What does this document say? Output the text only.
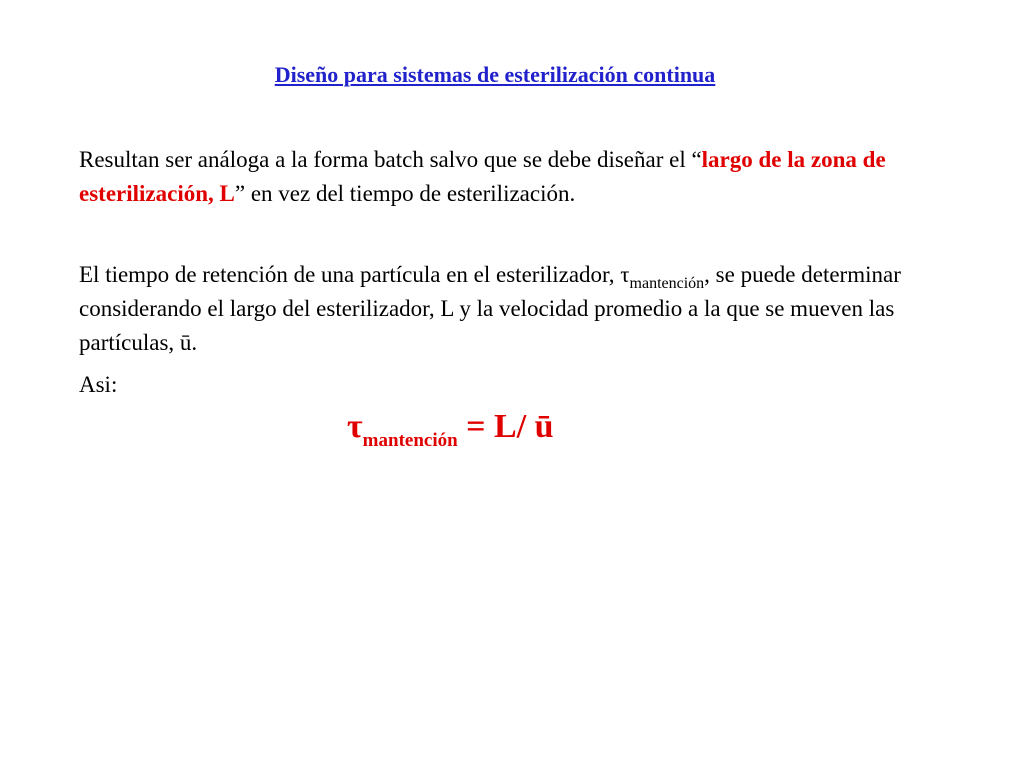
Diseño para sistemas de esterilización continua
Resultan ser análoga a la forma batch salvo que se debe diseñar el “largo de la zona de esterilización, L” en vez del tiempo de esterilización.
El tiempo de retención de una partícula en el esterilizador, $\tau_{mantención}$, se puede determinar considerando el largo del esterilizador, L y la velocidad promedio a la que se mueven las partículas, ū.
Asi:
$\tau_{mantención} = L/$ ū
